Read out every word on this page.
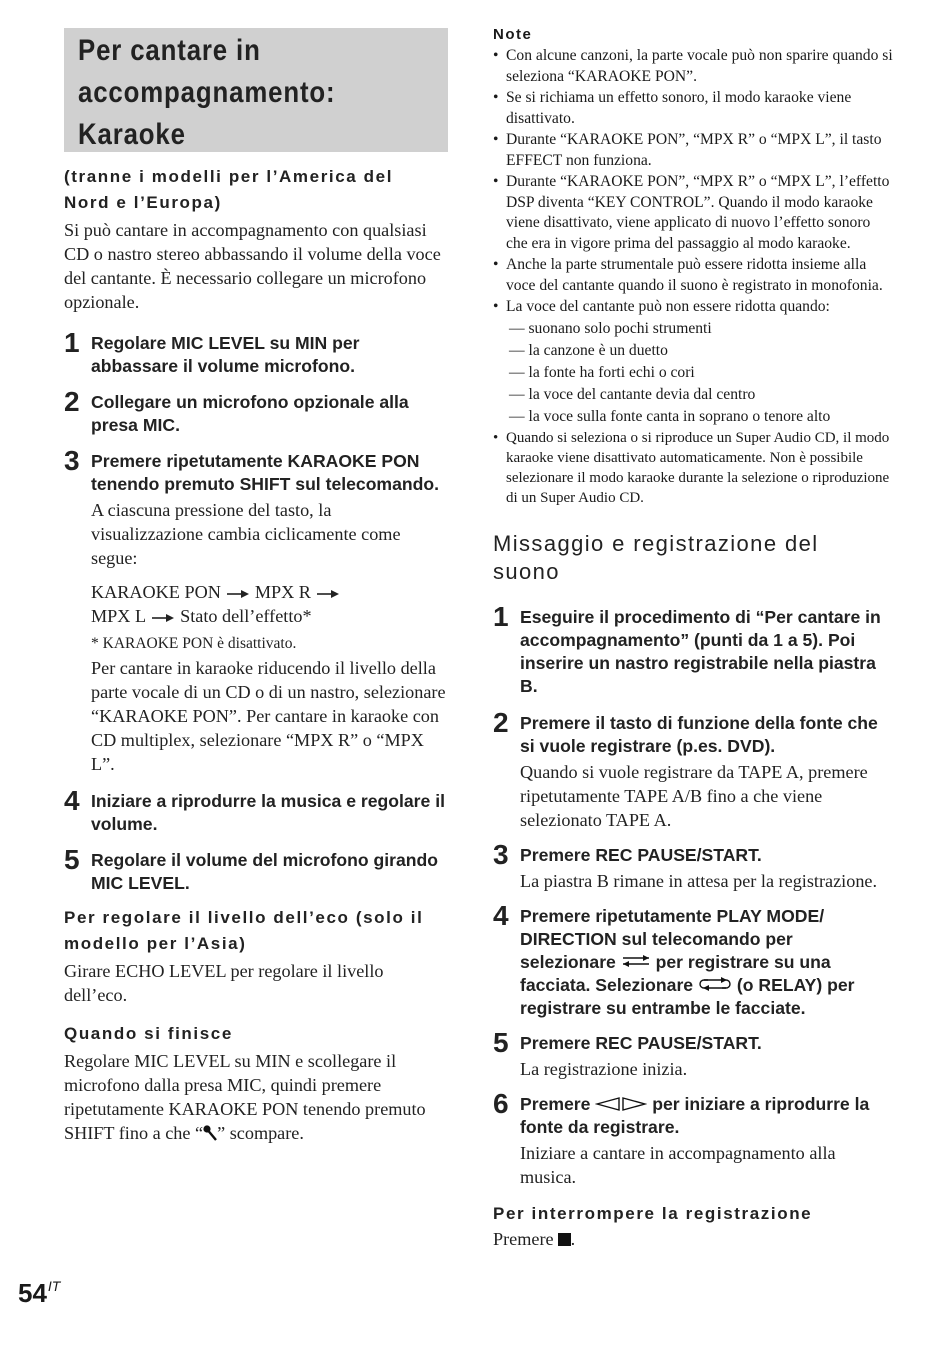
Per cantare in
accompagnamento:
Karaoke
(tranne i modelli per l’America del
Nord e l’Europa)
Si può cantare in accompagnamento con qualsiasi CD o nastro stereo abbassando il volume della voce del cantante. È necessario collegare un microfono opzionale.
1 Regolare MIC LEVEL su MIN per abbassare il volume microfono.
2 Collegare un microfono opzionale alla presa MIC.
3 Premere ripetutamente KARAOKE PON tenendo premuto SHIFT sul telecomando.
A ciascuna pressione del tasto, la visualizzazione cambia ciclicamente come segue:
KARAOKE PON MPX R
MPX L Stato dell’effetto*
* KARAOKE PON è disattivato.
Per cantare in karaoke riducendo il livello della parte vocale di un CD o di un nastro, selezionare “KARAOKE PON”. Per cantare in karaoke con CD multiplex, selezionare “MPX R” o “MPX L”.
4 Iniziare a riprodurre la musica e regolare il volume.
5 Regolare il volume del microfono girando MIC LEVEL.
Per regolare il livello dell’eco (solo il
modello per l’Asia)
Girare ECHO LEVEL per regolare il livello dell’eco.
Quando si finisce
Regolare MIC LEVEL su MIN e scollegare il microfono dalla presa MIC, quindi premere ripetutamente KARAOKE PON tenendo premuto SHIFT fino a che “ ” scompare.
Note
• Con alcune canzoni, la parte vocale può non sparire quando si seleziona “KARAOKE PON”.
• Se si richiama un effetto sonoro, il modo karaoke viene disattivato.
• Durante “KARAOKE PON”, “MPX R” o “MPX L”, il tasto EFFECT non funziona.
• Durante “KARAOKE PON”, “MPX R” o “MPX L”, l’effetto DSP diventa “KEY CONTROL”. Quando il modo karaoke viene disattivato, viene applicato di nuovo l’effetto sonoro che era in vigore prima del passaggio al modo karaoke.
• Anche la parte strumentale può essere ridotta insieme alla voce del cantante quando il suono è registrato in monofonia.
• La voce del cantante può non essere ridotta quando:
— suonano solo pochi strumenti
— la canzone è un duetto
— la fonte ha forti echi o cori
— la voce del cantante devia dal centro
— la voce sulla fonte canta in soprano o tenore alto
• Quando si seleziona o si riproduce un Super Audio CD, il modo karaoke viene disattivato automaticamente. Non è possibile selezionare il modo karaoke durante la selezione o riproduzione di un Super Audio CD.
Missaggio e registrazione del
suono
1 Eseguire il procedimento di “Per cantare in accompagnamento” (punti da 1 a 5). Poi inserire un nastro registrabile nella piastra B.
2 Premere il tasto di funzione della fonte che si vuole registrare (p.es. DVD).
Quando si vuole registrare da TAPE A, premere ripetutamente TAPE A/B fino a che viene selezionato TAPE A.
3 Premere REC PAUSE/START.
La piastra B rimane in attesa per la registrazione.
4 Premere ripetutamente PLAY MODE/ DIRECTION sul telecomando per selezionare per registrare su una facciata. Selezionare (o RELAY) per registrare su entrambe le facciate.
5 Premere REC PAUSE/START.
La registrazione inizia.
6 Premere	per iniziare a riprodurre la fonte da registrare.
Iniziare a cantare in accompagnamento alla musica.
Per interrompere la registrazione
Premere .
$54^{IT}$
